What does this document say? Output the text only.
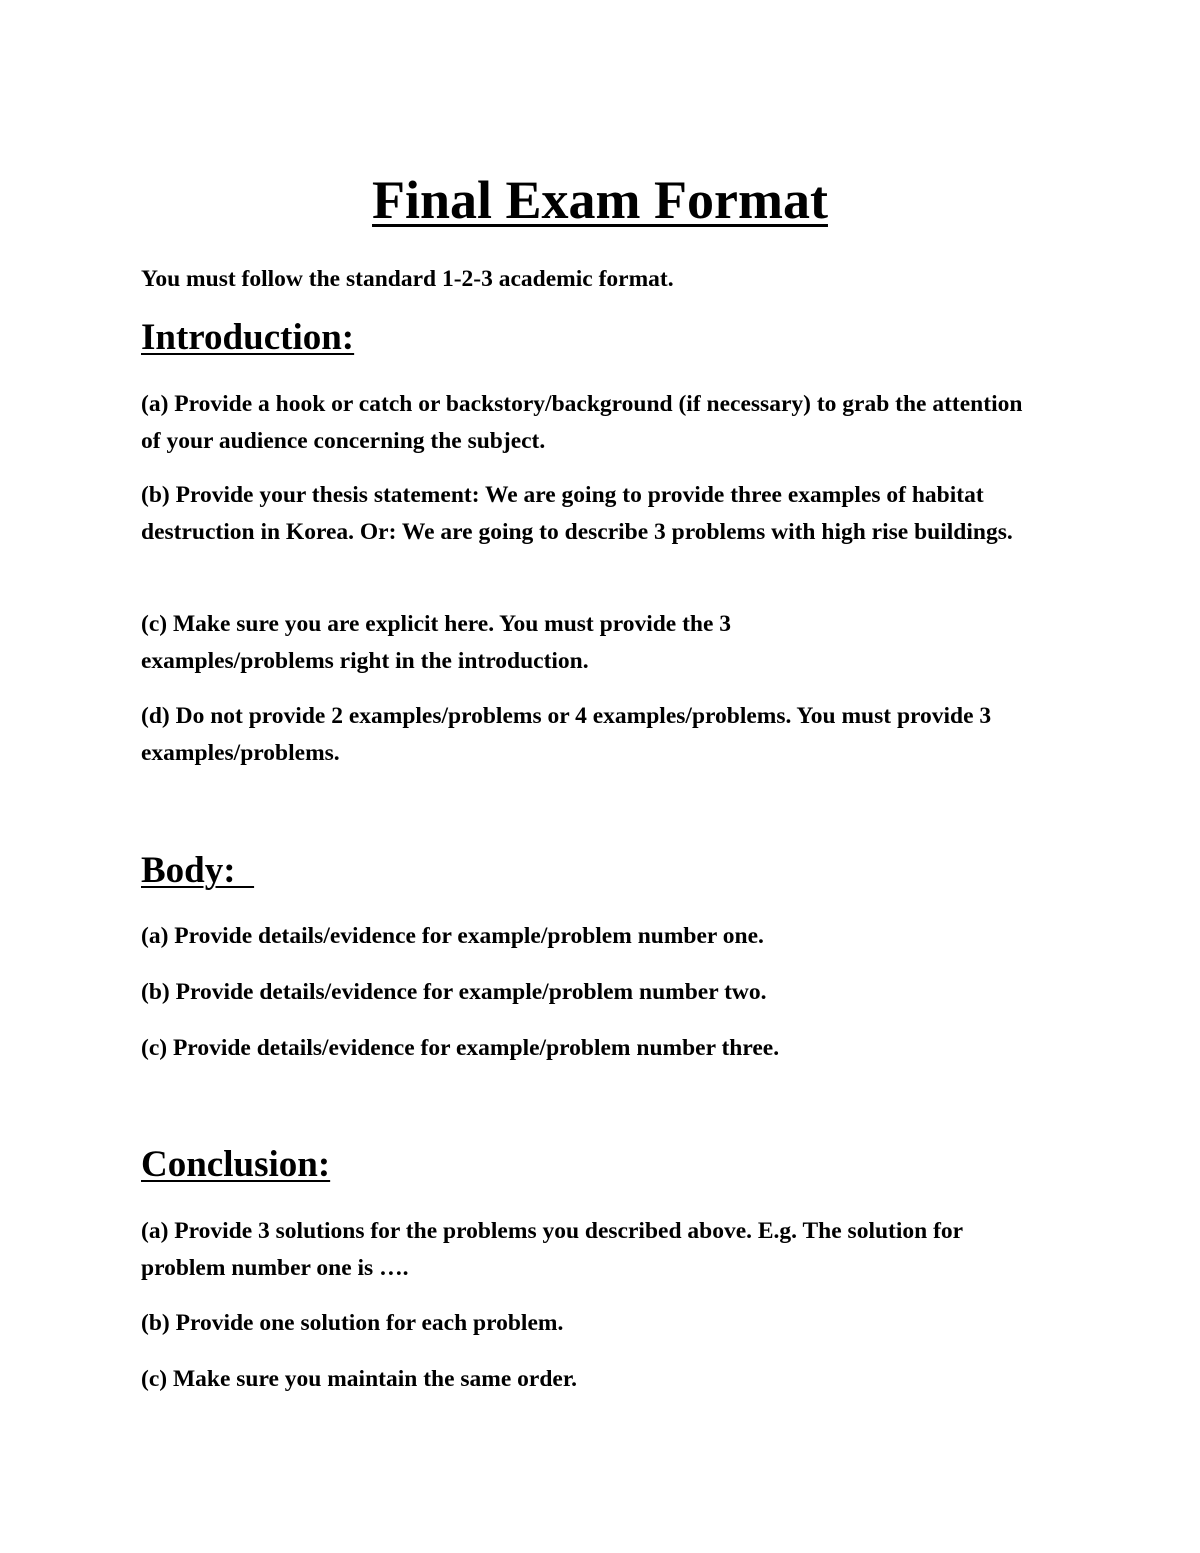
Final Exam Format

You must follow the standard 1-2-3 academic format.

Introduction:

(a) Provide a hook or catch or backstory/background (if necessary) to grab the attention of your audience concerning the subject.

(b) Provide your thesis statement: We are going to provide three examples of habitat destruction in Korea. Or: We are going to describe 3 problems with high rise buildings.

(c) Make sure you are explicit here. You must provide the 3 examples/problems right in the introduction.

(d) Do not provide 2 examples/problems or 4 examples/problems. You must provide 3 examples/problems.

Body:

(a) Provide details/evidence for example/problem number one.

(b) Provide details/evidence for example/problem number two.

(c) Provide details/evidence for example/problem number three.

Conclusion:

(a) Provide 3 solutions for the problems you described above. E.g. The solution for problem number one is ….

(b) Provide one solution for each problem.

(c) Make sure you maintain the same order.
